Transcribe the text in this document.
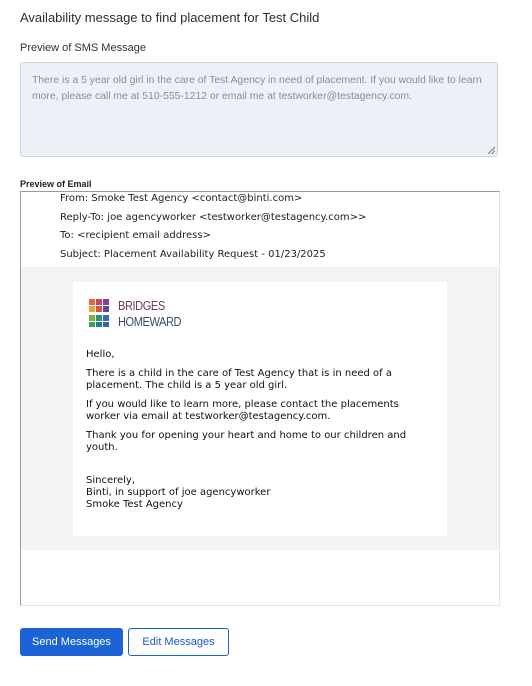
Availability message to find placement for Test Child
Preview of SMS Message
There is a 5 year old girl in the care of Test Agency in need of placement. If you would like to learn more, please call me at 510-555-1212 or email me at testworker@testagency.com.
Preview of Email
From: Smoke Test Agency <contact@binti.com>
Reply-To: joe agencyworker <testworker@testagency.com>>
To: <recipient email address>
Subject: Placement Availability Request - 01/23/2025
BRIDGES
HOMEWARD
Hello,
There is a child in the care of Test Agency that is in need of a placement. The child is a 5 year old girl.
If you would like to learn more, please contact the placements worker via email at testworker@testagency.com.
Thank you for opening your heart and home to our children and youth.
Sincerely,
Binti, in support of joe agencyworker
Smoke Test Agency
Send Messages	Edit Messages
